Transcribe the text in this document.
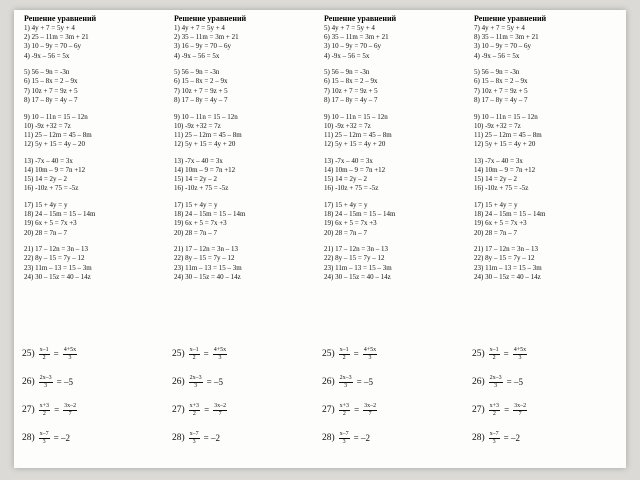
$25) \frac{x-1}{2} = \frac{4+5x}{3}$
$26) \frac{2x-3}{3} = -5$
$27) \frac{x+3}{2} = \frac{3x-2}{7}$
$28) \frac{x-7}{3} = -2$
Решение уравнений
1) 4у + 7 = 5у + 4
2) 25 – 11m = 3m + 21
3) 10 – 9у = 70 – 6у
4) -9х – 56 = 5х
5) 56 – 9n = -3n
6) 15 – 8х = 2 – 9х
7) 10z + 7 = 9z + 5
8) 17 – 8у = 4у – 7
9) 10 – 11n = 15 – 12n
10) -9z +32 = 7z
11) 25 – 12m = 45 – 8m
12) 5у + 15 = 4у – 20
13) -7х – 40 = 3х
14) 10m – 9 = 7n +12
15) 14 = 2у – 2
16) -10z + 75 = -5z
17) 15 + 4у = у
18) 24 – 15m = 15 – 14m
19) 6х + 5 = 7х +3
20) 28 = 7n – 7
21) 17 – 12n = 3n – 13
22) 8у – 15 = 7у – 12
23) 11m – 13 = 15 – 3m
24) 30 – 15z = 40 – 14z
$25) \frac{x-1}{2} = \frac{4+5x}{3}$
$26) \frac{2x-3}{3} = -5$
$27) \frac{x+3}{2} = \frac{3x-2}{7}$
$28) \frac{x-7}{3} = -2$
Решение уравнений
1) 4у + 7 = 5у + 4
2) 35 – 11m = 3m + 21
3) 16 – 9у = 70 – 6у
4) -9х – 56 = 5х
5) 56 – 9n = -3n
6) 15 – 8х = 2 – 9х
7) 10z + 7 = 9z + 5
8) 17 – 8у = 4у – 7
9) 10 – 11n = 15 – 12n
10) -9z +32 = 7z
11) 25 – 12m = 45 – 8m
12) 5у + 15 = 4у + 20
13) -7х – 40 = 3х
14) 10m – 9 = 7n +12
15) 14 = 2у – 2
16) -10z + 75 = -5z
17) 15 + 4у = у
18) 24 – 15m = 15 – 14m
19) 6х + 5 = 7х +3
20) 28 = 7n – 7
21) 17 – 12n = 3n – 13
22) 8у – 15 = 7у – 12
23) 11m – 13 = 15 – 3m
24) 30 – 15z = 40 – 14z
$25) \frac{x-1}{2} = \frac{4+5x}{3}$
$26) \frac{2x-3}{3} = -5$
$27) \frac{x+3}{2} = \frac{3x-2}{7}$
$28) \frac{x-7}{3} = -2$
Решение уравнений
5) 4у + 7 = 5у + 4
6) 35 – 11m = 3m + 21
3) 10 – 9у = 70 – 6у
4) -9х – 56 = 5х
5) 56 – 9n = -3n
6) 15 – 8х = 2 – 9х
7) 10z + 7 = 9z + 5
8) 17 – 8у = 4у – 7
9) 10 – 11n = 15 – 12n
10) -9z +32 = 7z
11) 25 – 12m = 45 – 8m
12) 5у + 15 = 4у + 20
13) -7х – 40 = 3х
14) 10m – 9 = 7n +12
15) 14 = 2у – 2
16) -10z + 75 = -5z
17) 15 + 4у = у
18) 24 – 15m = 15 – 14m
19) 6х + 5 = 7х +3
20) 28 = 7n – 7
21) 17 – 12n = 3n – 13
22) 8у – 15 = 7у – 12
23) 11m – 13 = 15 – 3m
24) 30 – 15z = 40 – 14z
$25) \frac{x-1}{2} = \frac{4+5x}{3}$
$26) \frac{2x-3}{3} = -5$
$27) \frac{x+3}{2} = \frac{3x-2}{7}$
$28) \frac{x-7}{3} = -2$
Решение уравнений
7) 4у + 7 = 5у + 4
8) 35 – 11m = 3m + 21
3) 10 – 9у = 70 – 6у
4) -9х – 56 = 5х
5) 56 – 9n = -3n
6) 15 – 8х = 2 – 9х
7) 10z + 7 = 9z + 5
8) 17 – 8у = 4у – 7
9) 10 – 11n = 15 – 12n
10) -9z +32 = 7z
11) 25 – 12m = 45 – 8m
12) 5у + 15 = 4у + 20
13) -7х – 40 = 3х
14) 10m – 9 = 7n +12
15) 14 = 2у – 2
16) -10z + 75 = -5z
17) 15 + 4у = у
18) 24 – 15m = 15 – 14m
19) 6х + 5 = 7х +3
20) 28 = 7n – 7
21) 17 – 12n = 3n – 13
22) 8у – 15 = 7у – 12
23) 11m – 13 = 15 – 3m
24) 30 – 15z = 40 – 14z
